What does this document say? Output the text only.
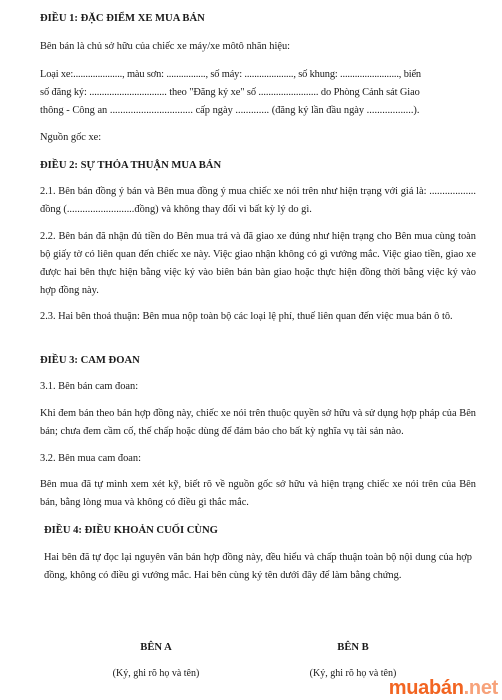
ĐIỀU 1: ĐẶC ĐIỂM XE MUA BÁN
Bên bán là chủ sở hữu của chiếc xe máy/xe môtô nhãn hiệu:
Loại xe:...................., màu sơn: ................, số máy: ...................., số khung: ........................, biển
số đăng ký: ............................... theo "Đăng ký xe" số ........................ do Phòng Cảnh sát Giao
thông - Công an ................................ cấp ngày ............. (đăng ký lần đầu ngày ..................).
Nguồn gốc xe:
ĐIỀU 2: SỰ THỎA THUẬN MUA BÁN
2.1. Bên bán đồng ý bán và Bên mua đồng ý mua chiếc xe nói trên như hiện trạng với giá là: .................. đồng (..........................đồng) và không thay đổi vì bất kỳ lý do gì.
2.2. Bên bán đã nhận đủ tiền do Bên mua trả và đã giao xe đúng như hiện trạng cho Bên mua cùng toàn bộ giấy tờ có liên quan đến chiếc xe này. Việc giao nhận không có gì vướng mắc. Việc giao tiền, giao xe được hai bên thực hiện bằng việc ký vào biên bản bàn giao hoặc thực hiện đồng thời bằng việc ký vào hợp đồng này.
2.3. Hai bên thoả thuận: Bên mua nộp toàn bộ các loại lệ phí, thuế liên quan đến việc mua bán ô tô.
ĐIỀU 3: CAM ĐOAN
3.1. Bên bán cam đoan:
Khi đem bán theo bản hợp đồng này, chiếc xe nói trên thuộc quyền sở hữu và sử dụng hợp pháp của Bên bán; chưa đem cầm cố, thế chấp hoặc dùng để đảm bảo cho bất kỳ nghĩa vụ tài sản nào.
3.2. Bên mua cam đoan:
Bên mua đã tự mình xem xét kỹ, biết rõ về nguồn gốc sở hữu và hiện trạng chiếc xe nói trên của Bên bán, bằng lòng mua và không có điều gì thắc mắc.
ĐIỀU 4: ĐIỀU KHOẢN CUỐI CÙNG
Hai bên đã tự đọc lại nguyên văn bản hợp đồng này, đều hiểu và chấp thuận toàn bộ nội dung của hợp đồng, không có điều gì vướng mắc. Hai bên cùng ký tên dưới đây để làm bằng chứng.
BÊN A
(Ký, ghi rõ họ và tên)
BÊN B
(Ký, ghi rõ họ và tên)
muabán.net
